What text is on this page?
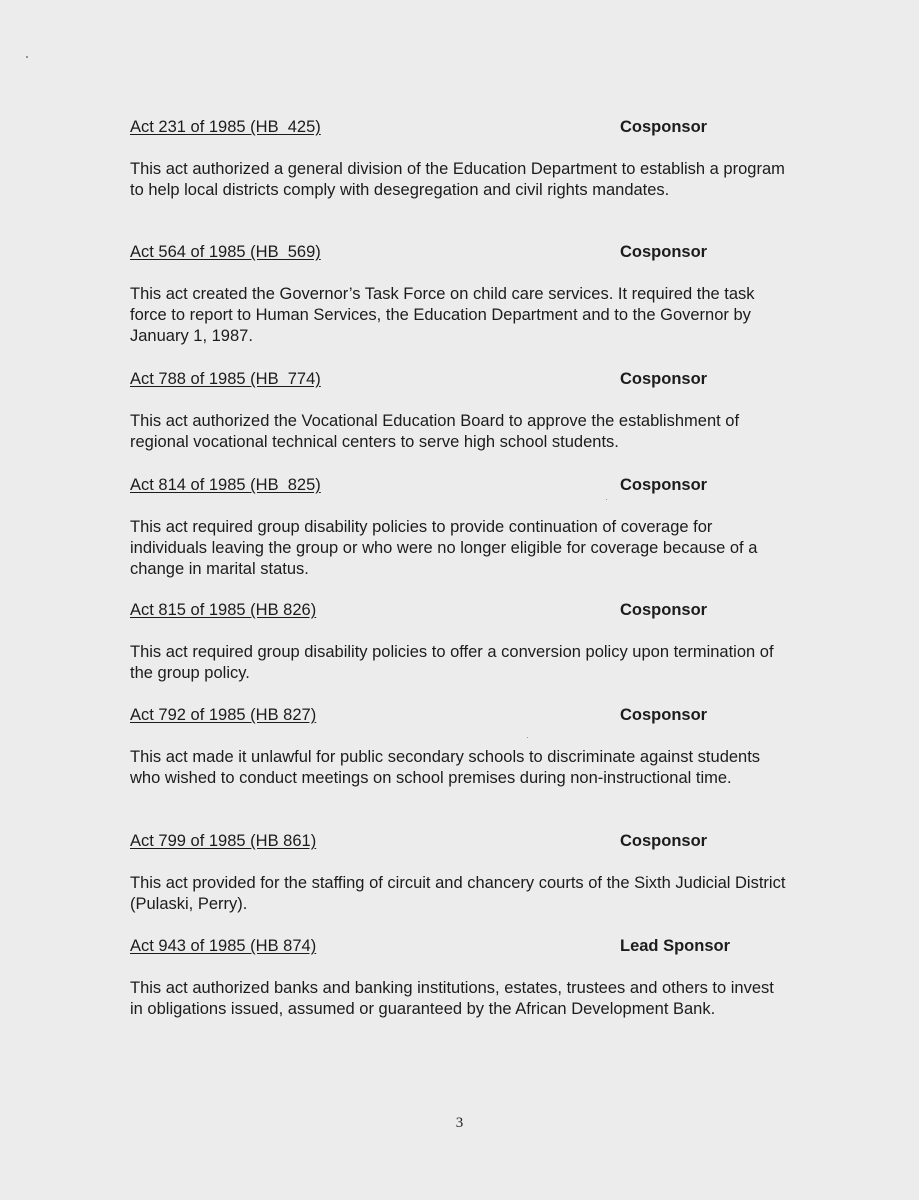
Act 231 of 1985 (HB  425)	Cosponsor
This act authorized a general division of the Education Department to establish a program to help local districts comply with desegregation and civil rights mandates.
Act 564 of 1985 (HB  569)	Cosponsor
This act created the Governor’s Task Force on child care services. It required the task force to report to Human Services, the Education Department and to the Governor by January 1, 1987.
Act 788 of 1985 (HB  774)	Cosponsor
This act authorized the Vocational Education Board to approve the establishment of regional vocational technical centers to serve high school students.
Act 814 of 1985 (HB  825)	Cosponsor
This act required group disability policies to provide continuation of coverage for individuals leaving the group or who were no longer eligible for coverage because of a change in marital status.
Act 815 of 1985 (HB 826)	Cosponsor
This act required group disability policies to offer a conversion policy upon termination of the group policy.
Act 792 of 1985 (HB 827)	Cosponsor
This act made it unlawful for public secondary schools to discriminate against students who wished to conduct meetings on school premises during non-instructional time.
Act 799 of 1985 (HB 861)	Cosponsor
This act provided for the staffing of circuit and chancery courts of the Sixth Judicial District (Pulaski, Perry).
Act 943 of 1985 (HB 874)	Lead Sponsor
This act authorized banks and banking institutions, estates, trustees and others to invest in obligations issued, assumed or guaranteed by the African Development Bank.
3
